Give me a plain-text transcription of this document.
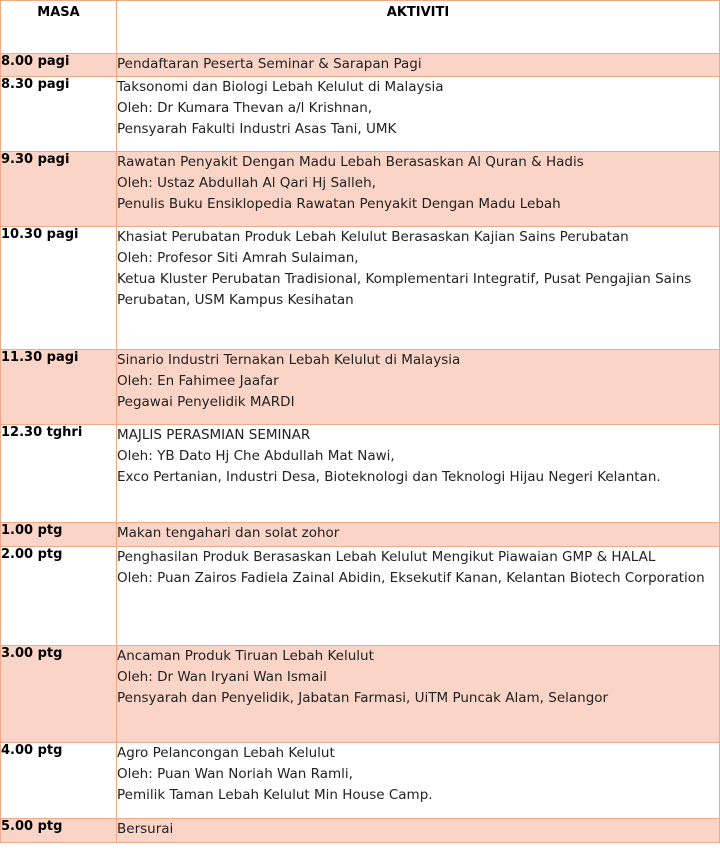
MASA	AKTIVITI

8.00 pagi	Pendaftaran Peserta Seminar & Sarapan Pagi

8.30 pagi	Taksonomi dan Biologi Lebah Kelulut di Malaysia
Oleh: Dr Kumara Thevan a/l Krishnan,
Pensyarah Fakulti Industri Asas Tani, UMK

9.30 pagi	Rawatan Penyakit Dengan Madu Lebah Berasaskan Al Quran & Hadis
Oleh: Ustaz Abdullah Al Qari Hj Salleh,
Penulis Buku Ensiklopedia Rawatan Penyakit Dengan Madu Lebah

10.30 pagi	Khasiat Perubatan Produk Lebah Kelulut Berasaskan Kajian Sains Perubatan
Oleh: Profesor Siti Amrah Sulaiman,
Ketua Kluster Perubatan Tradisional, Komplementari Integratif, Pusat Pengajian Sains Perubatan, USM Kampus Kesihatan

11.30 pagi	Sinario Industri Ternakan Lebah Kelulut di Malaysia
Oleh: En Fahimee Jaafar
Pegawai Penyelidik MARDI

12.30 tghri	MAJLIS PERASMIAN SEMINAR
Oleh: YB Dato Hj Che Abdullah Mat Nawi,
Exco Pertanian, Industri Desa, Bioteknologi dan Teknologi Hijau Negeri Kelantan.

1.00 ptg	Makan tengahari dan solat zohor

2.00 ptg	Penghasilan Produk Berasaskan Lebah Kelulut Mengikut Piawaian GMP & HALAL
Oleh: Puan Zairos Fadiela Zainal Abidin, Eksekutif Kanan, Kelantan Biotech Corporation

3.00 ptg	Ancaman Produk Tiruan Lebah Kelulut
Oleh: Dr Wan Iryani Wan Ismail
Pensyarah dan Penyelidik, Jabatan Farmasi, UiTM Puncak Alam, Selangor

4.00 ptg	Agro Pelancongan Lebah Kelulut
Oleh: Puan Wan Noriah Wan Ramli,
Pemilik Taman Lebah Kelulut Min House Camp.

5.00 ptg	Bersurai
